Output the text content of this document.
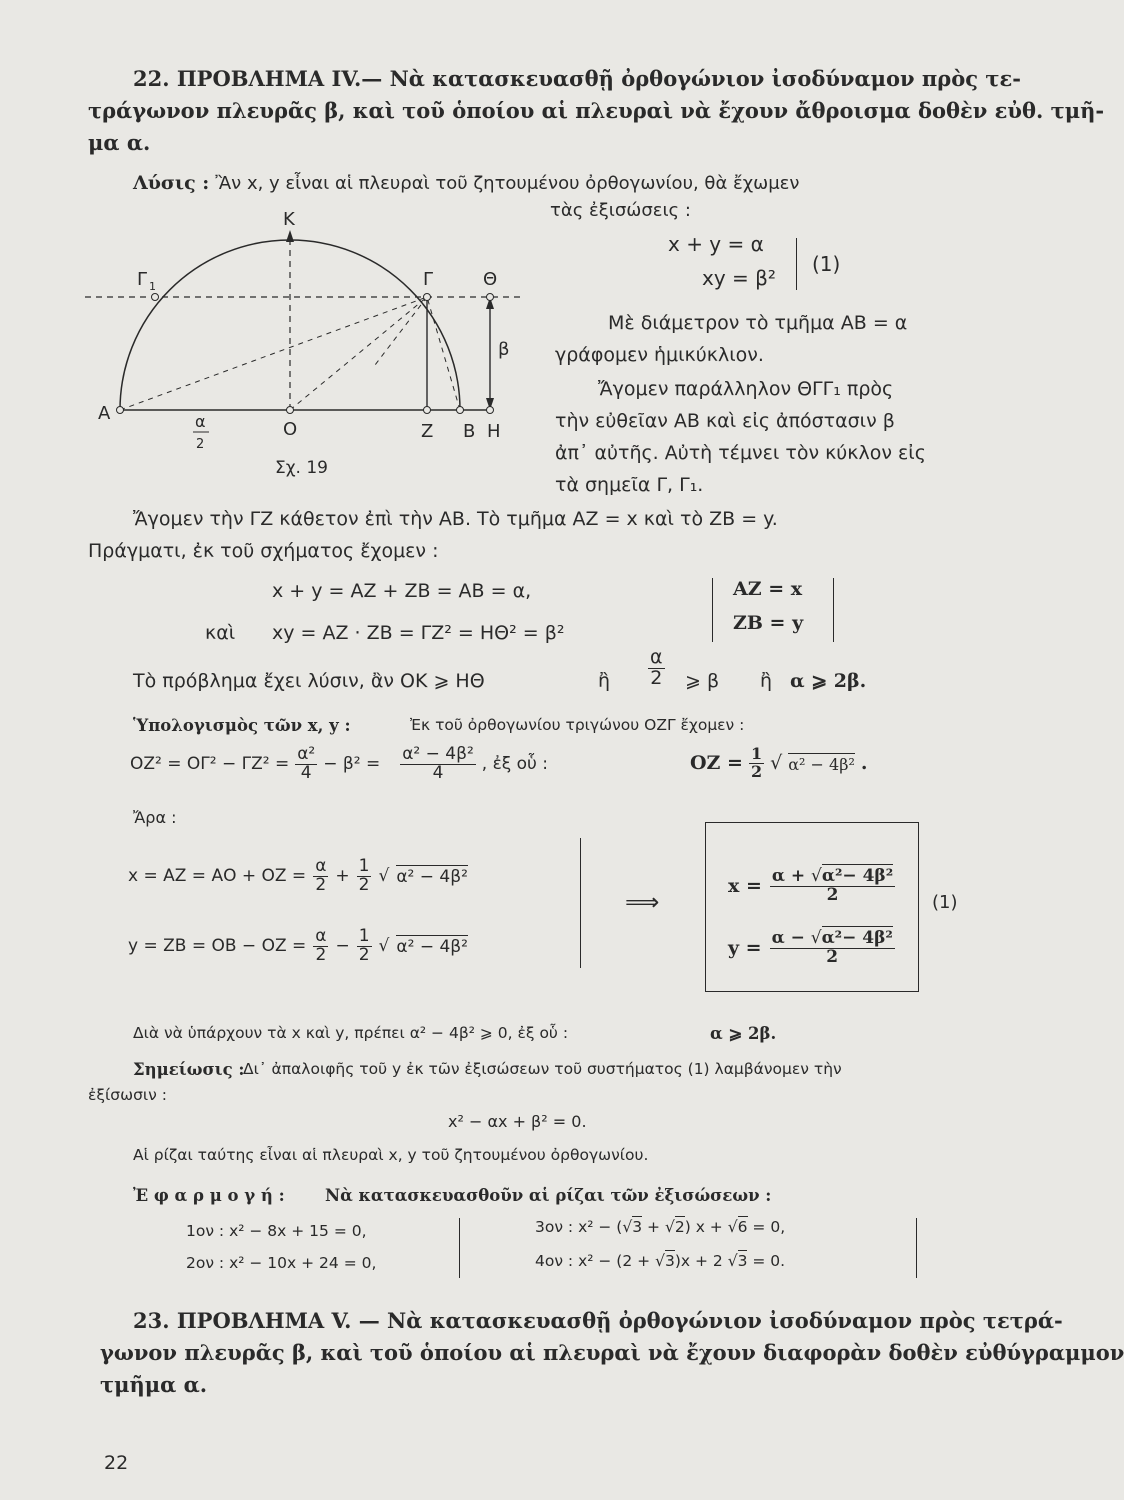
22. ΠΡΟΒΛΗΜΑ IV.— Νὰ κατασκευασθῇ ὀρθογώνιον ἰσοδύναμον πρὸς τε-
τράγωνον πλευρᾶς β, καὶ τοῦ ὁποίου αἱ πλευραὶ νὰ ἔχουν ἄθροισμα δοθὲν εὐθ. τμῆ-
μα α.
Λύσις : Ἂν x, y εἶναι αἱ πλευραὶ τοῦ ζητουμένου ὀρθογωνίου, θὰ ἔχωμεν
τὰς ἐξισώσεις :
x + y = α
xy = β²
(1)
Κ
Γ 1	Γ	Θ
β
Α
Ο	Ζ Β Η
α
2
Σχ. 19
Μὲ διάμετρον τὸ τμῆμα ΑΒ = α
γράφομεν ἡμικύκλιον.
Ἄγομεν παράλληλον ΘΓΓ₁ πρὸς
τὴν εὐθεῖαν ΑΒ καὶ εἰς ἀπόστασιν β
ἀπ᾽ αὐτῆς. Αὐτὴ τέμνει τὸν κύκλον εἰς
τὰ σημεῖα Γ, Γ₁.
Ἄγομεν τὴν ΓΖ κάθετον ἐπὶ τὴν ΑΒ. Τὸ τμῆμα ΑΖ = x καὶ τὸ ΖΒ = y.
Πράγματι, ἐκ τοῦ σχήματος ἔχομεν :
x + y = ΑΖ + ΖΒ = ΑΒ = α,
καὶ xy = ΑΖ · ΖΒ = ΓΖ² = ΗΘ² = β²
ΑΖ = x
ΖΒ = y
Τὸ πρόβλημα ἔχει λύσιν, ἂν ΟΚ ⩾ ΗΘ	ἢ $\frac{\alpha}{2}$ ⩾ β ἢ α ⩾ 2β.
Ὑπολογισμὸς τῶν x, y :	Ἐκ τοῦ ὀρθογωνίου τριγώνου ΟΖΓ ἔχομεν :
$OZ^2 = O\Gamma^2 - \Gamma Z^2 = \frac{\text{α²}}{4} - \beta^2 = \frac{\text{α² − 4β²}}{4}$ , ἐξ οὗ :	$OZ = \frac{1}{2}$ √ α² − 4β² .
Ἄρα :
$x = AZ = AO + OZ = \frac{\alpha}{2} + \frac{1}{2}$ √ α² − 4β²
$y = ZB = OB - OZ = \frac{\alpha}{2} - \frac{1}{2}$ √ α² − 4β²
⟹
$x = \frac{\text{α + √α²− 4β²}}{2}$
$y = \frac{\text{α − √α²− 4β²}}{2}$
(1)
Διὰ νὰ ὑπάρχουν τὰ x καὶ y, πρέπει α² − 4β² ⩾ 0, ἐξ οὗ :	α ⩾ 2β.
Σημείωσις :
Δι᾽ ἀπαλοιφῆς τοῦ y ἐκ τῶν ἐξισώσεων τοῦ συστήματος (1) λαμβάνομεν τὴν
ἐξίσωσιν :
x² − αx + β² = 0.
Αἱ ρίζαι ταύτης εἶναι αἱ πλευραὶ x, y τοῦ ζητουμένου ὀρθογωνίου.
Ἐ φ α ρ μ ο γ ή : Νὰ κατασκευασθοῦν αἱ ρίζαι τῶν ἐξισώσεων :
1ον : x² − 8x + 15 = 0,
2ον : x² − 10x + 24 = 0,
3ον : x² − (√3 + √2) x + √6 = 0,
4ον : x² − (2 + √3)x + 2 √3 = 0.
23. ΠΡΟΒΛΗΜΑ V. — Νὰ κατασκευασθῇ ὀρθογώνιον ἰσοδύναμον πρὸς τετρά-
γωνον πλευρᾶς β, καὶ τοῦ ὁποίου αἱ πλευραὶ νὰ ἔχουν διαφορὰν δοθὲν εὐθύγραμμον
τμῆμα α.
22
